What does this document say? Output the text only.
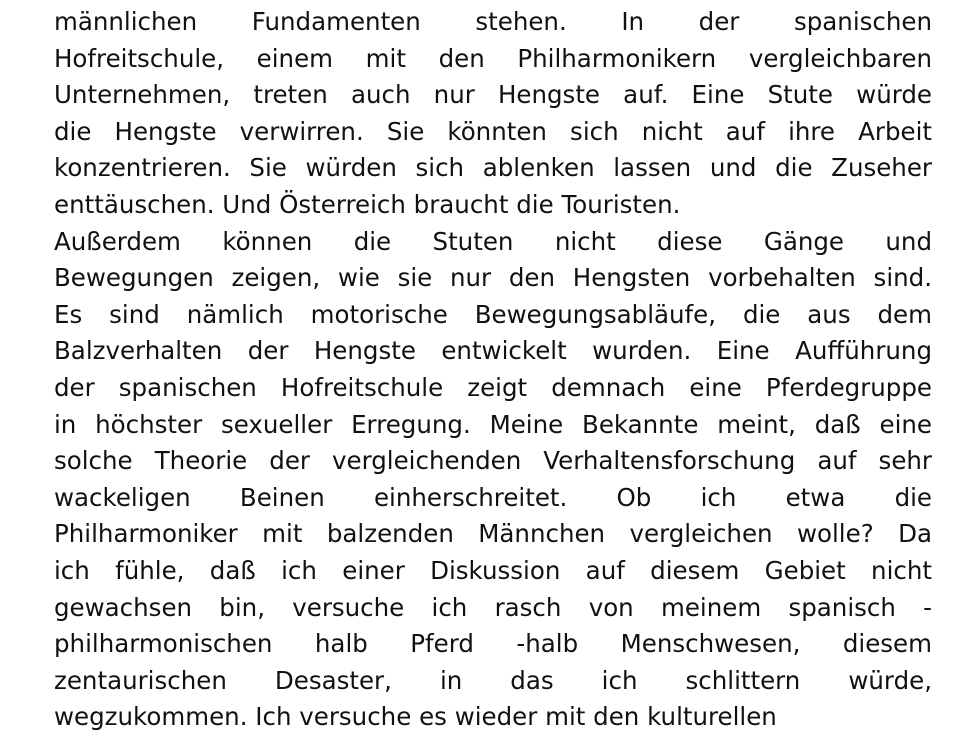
männlichen Fundamenten stehen. In der spanischen
Hofreitschule, einem mit den Philharmonikern vergleichbaren
Unternehmen, treten auch nur Hengste auf. Eine Stute würde
die Hengste verwirren. Sie könnten sich nicht auf ihre Arbeit
konzentrieren. Sie würden sich ablenken lassen und die Zuseher
enttäuschen. Und Österreich braucht die Touristen.
Außerdem können die Stuten nicht diese Gänge und
Bewegungen zeigen, wie sie nur den Hengsten vorbehalten sind.
Es sind nämlich motorische Bewegungsabläufe, die aus dem
Balzverhalten der Hengste entwickelt wurden. Eine Aufführung
der spanischen Hofreitschule zeigt demnach eine Pferdegruppe
in höchster sexueller Erregung. Meine Bekannte meint, daß eine
solche Theorie der vergleichenden Verhaltensforschung auf sehr
wackeligen Beinen einherschreitet. Ob ich etwa die
Philharmoniker mit balzenden Männchen vergleichen wolle? Da
ich fühle, daß ich einer Diskussion auf diesem Gebiet nicht
gewachsen bin, versuche ich rasch von meinem spanisch -
philharmonischen halb Pferd -halb Menschwesen, diesem
zentaurischen Desaster, in das ich schlittern würde,
wegzukommen. Ich versuche es wieder mit den kulturellen
